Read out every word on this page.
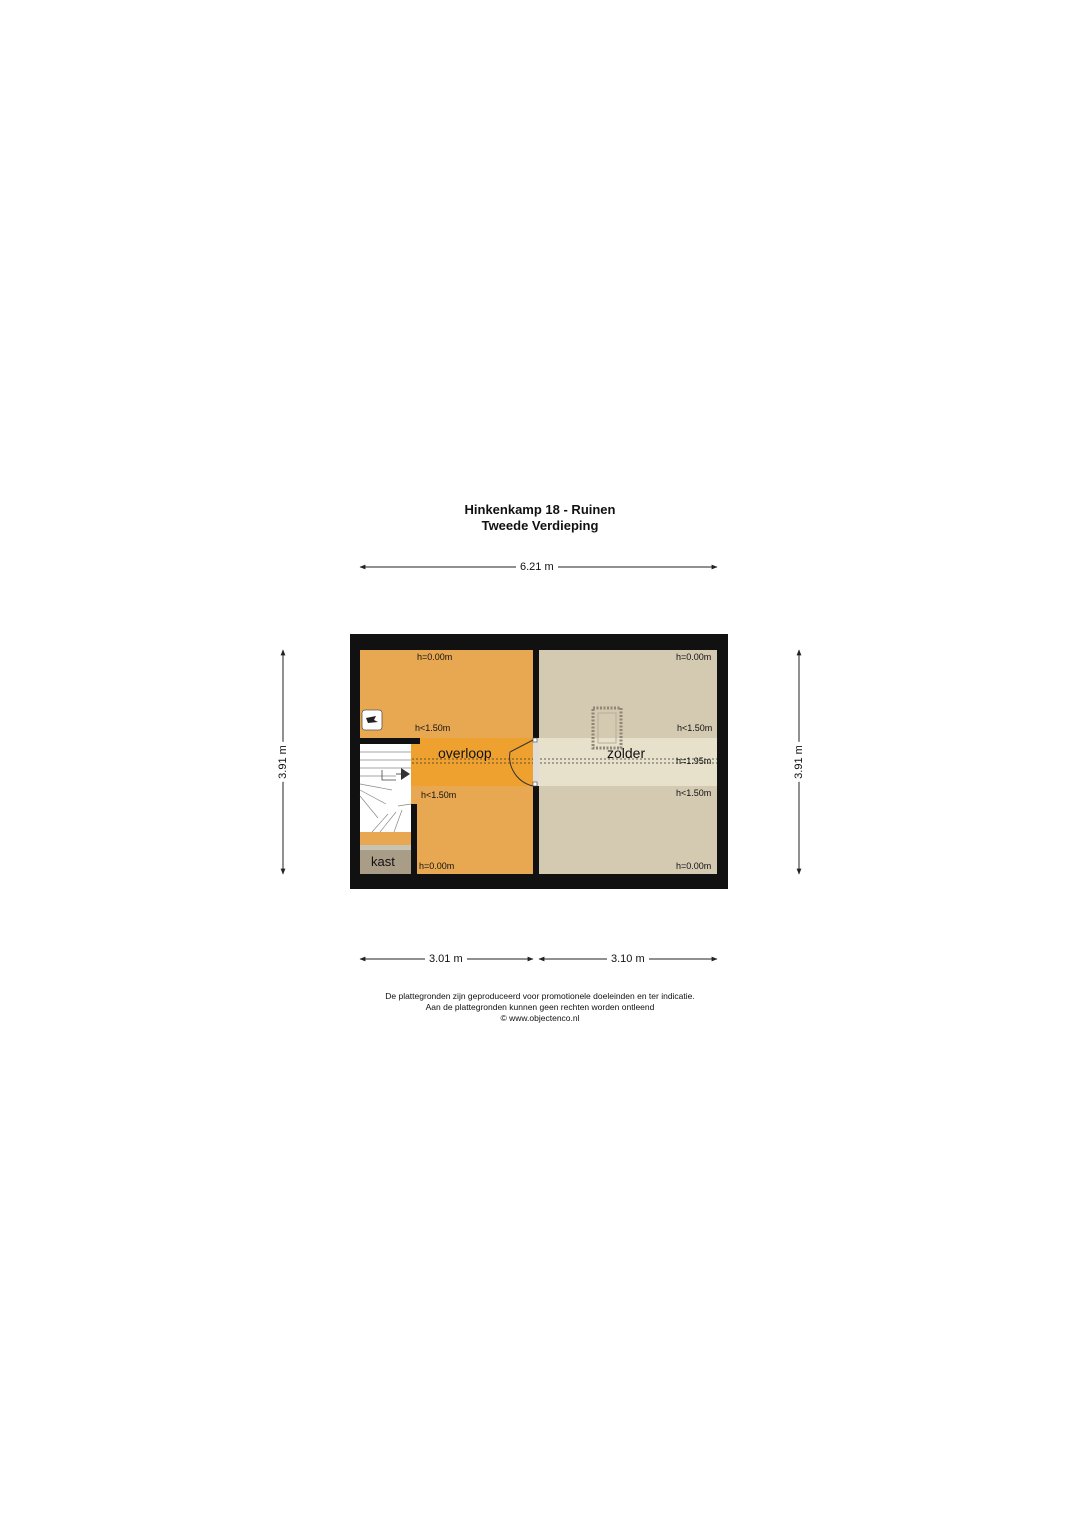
Hinkenkamp 18 - Ruinen
Tweede Verdieping
6.21 m
3.01 m	3.10 m
3.91 m	3.91 m
overloop	zolder
kast
h=0.00m
h<1.50m
h<1.50m
h=0.00m
h=0.00m
h<1.50m
h=1.95m
h<1.50m
h=0.00m
De plattegronden zijn geproduceerd voor promotionele doeleinden en ter indicatie.
Aan de plattegronden kunnen geen rechten worden ontleend
© www.objectenco.nl
